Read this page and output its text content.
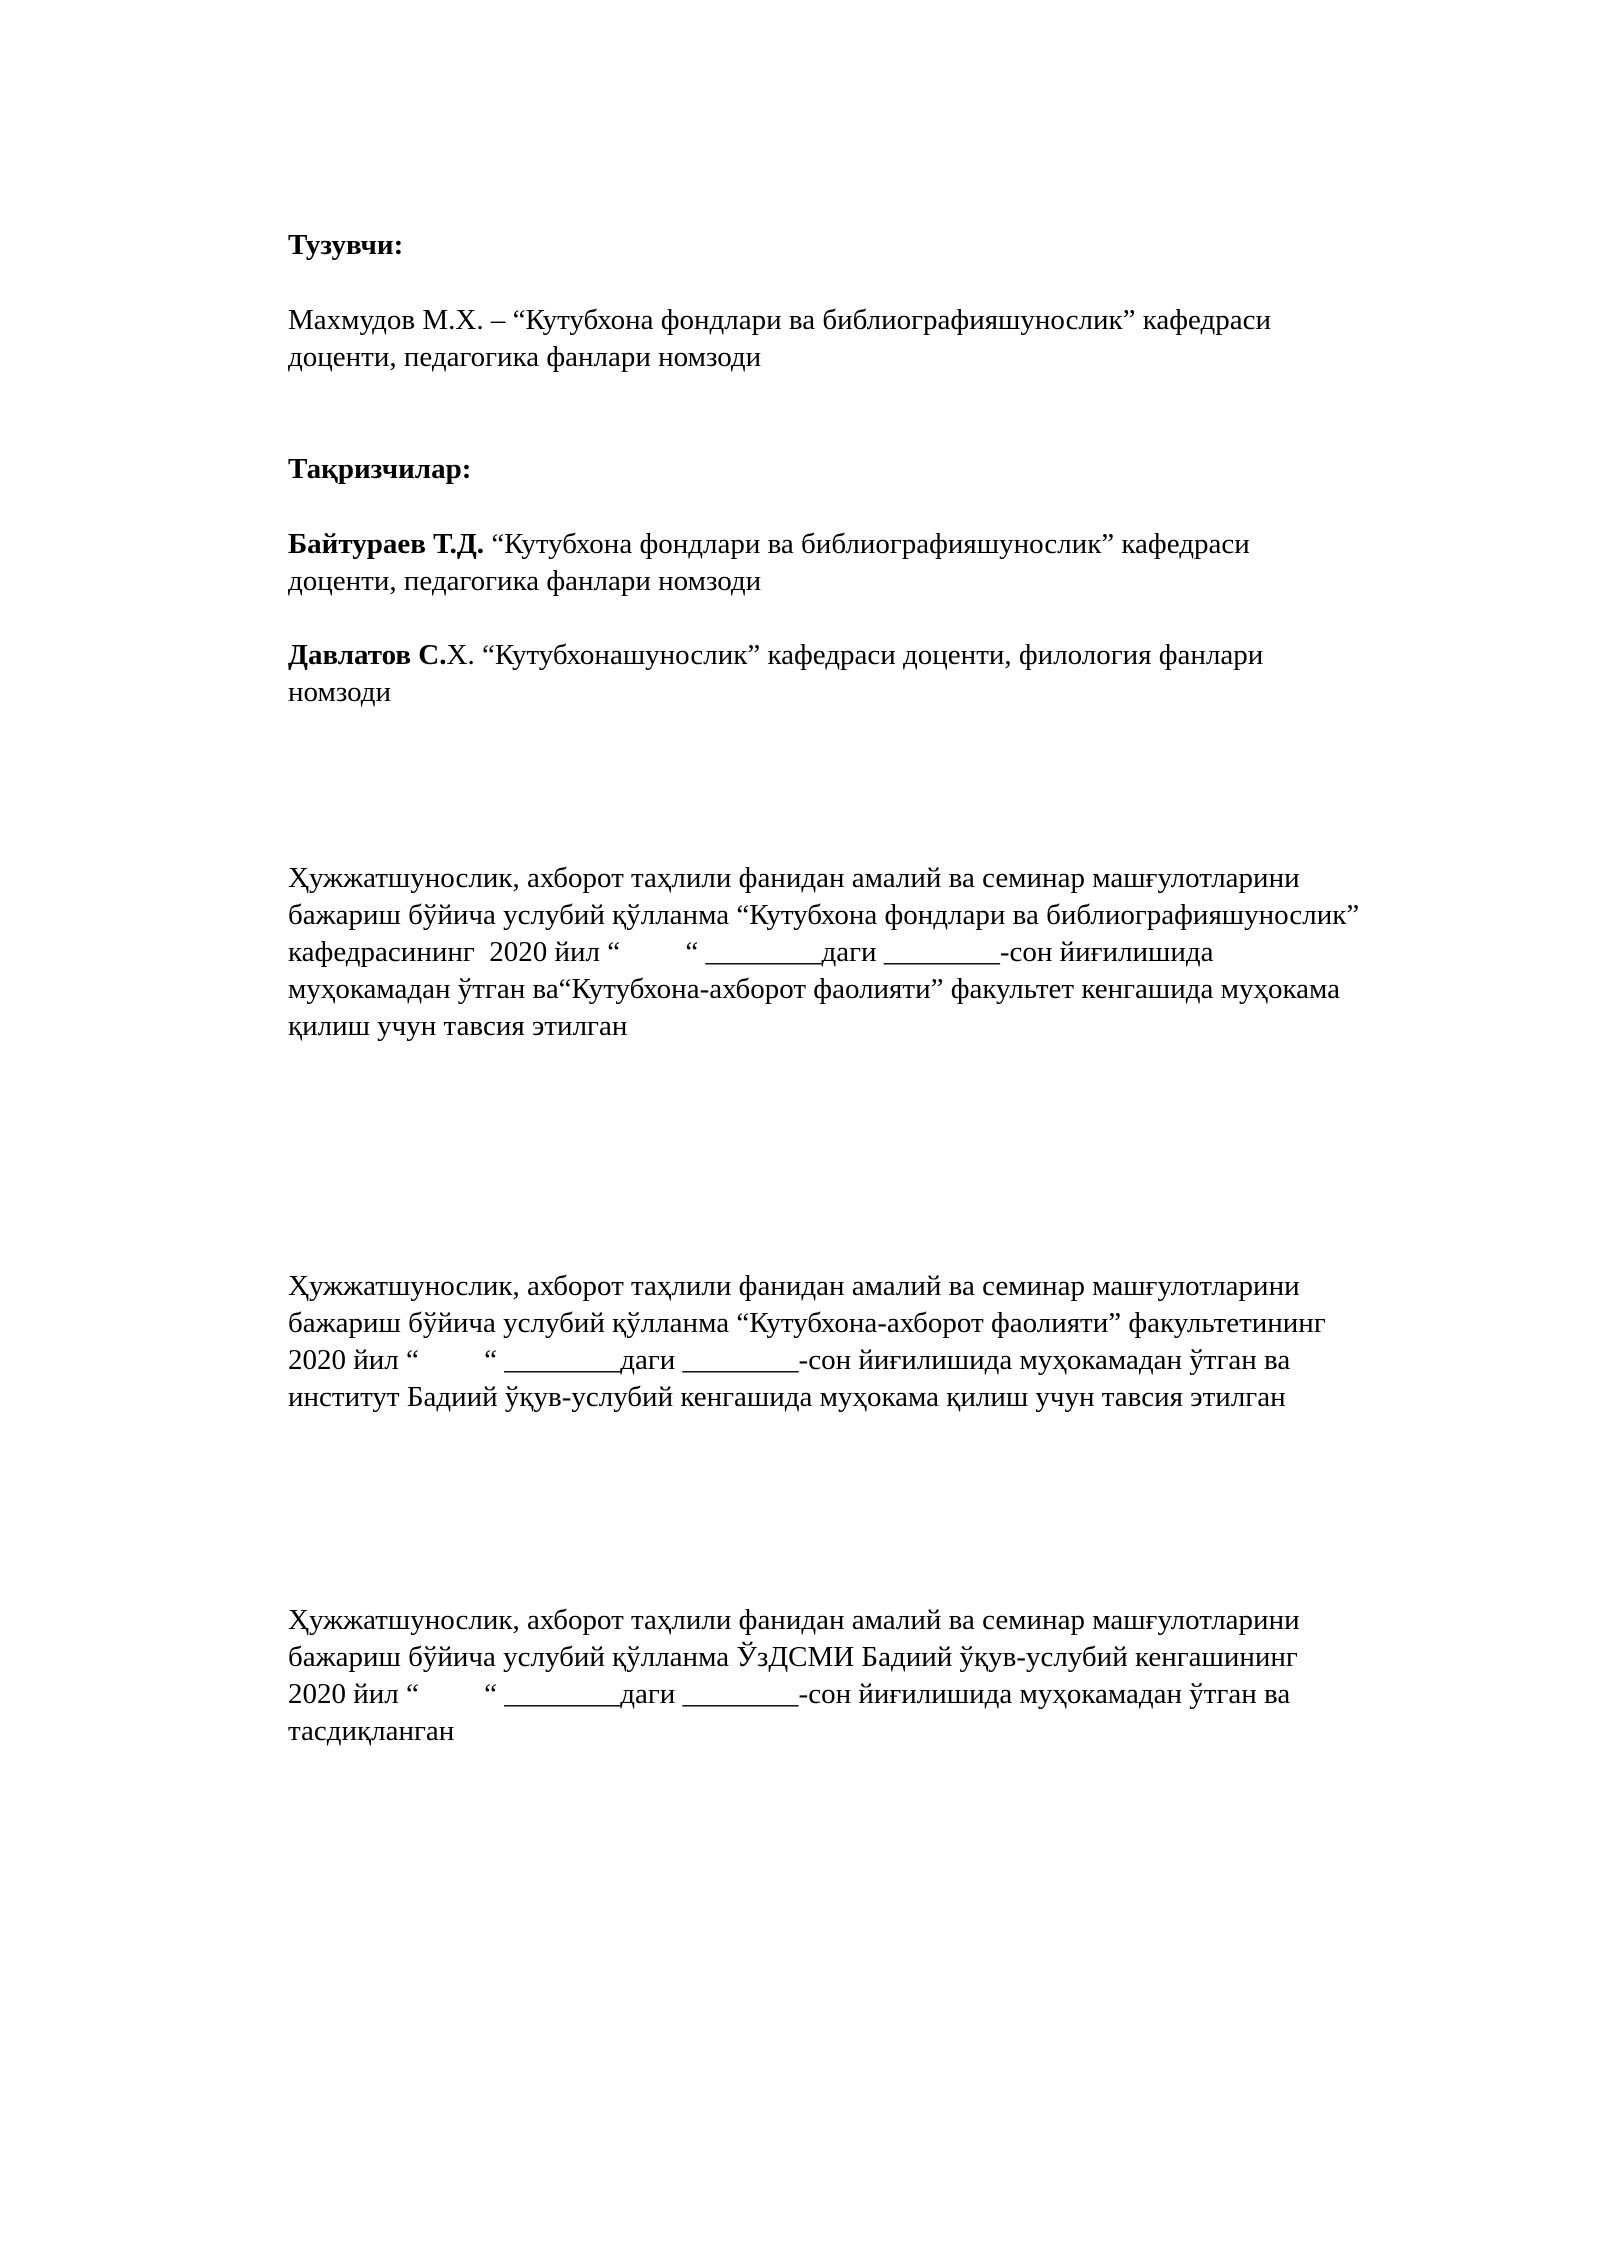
Тузувчи:
Махмудов М.Х. – “Кутубхона фондлари ва библиографияшунослик” кафедраси
доценти, педагогика фанлари номзоди
Тақризчилар:
Байтураев Т.Д. “Кутубхона фондлари ва библиографияшунослик” кафедраси
доценти, педагогика фанлари номзоди
Давлатов С.Х. “Кутубхонашунослик” кафедраси доценти, филология фанлари
номзоди
Ҳужжатшунослик, ахборот таҳлили фанидан амалий ва семинар машғулотларини
бажариш бўйича услубий қўлланма “Кутубхона фондлари ва библиографияшунослик”
кафедрасининг  2020 йил “         “ ________даги ________-сон йиғилишида
муҳокамадан ўтган ва“Кутубхона-ахборот фаолияти” факультет кенгашида муҳокама
қилиш учун тавсия этилган
Ҳужжатшунослик, ахборот таҳлили фанидан амалий ва семинар машғулотларини
бажариш бўйича услубий қўлланма “Кутубхона-ахборот фаолияти” факультетининг
2020 йил “         “ ________даги ________-сон йиғилишида муҳокамадан ўтган ва
институт Бадиий ўқув-услубий кенгашида муҳокама қилиш учун тавсия этилган
Ҳужжатшунослик, ахборот таҳлили фанидан амалий ва семинар машғулотларини
бажариш бўйича услубий қўлланма ЎзДСМИ Бадиий ўқув-услубий кенгашининг
2020 йил “         “ ________даги ________-сон йиғилишида муҳокамадан ўтган ва
тасдиқланган
